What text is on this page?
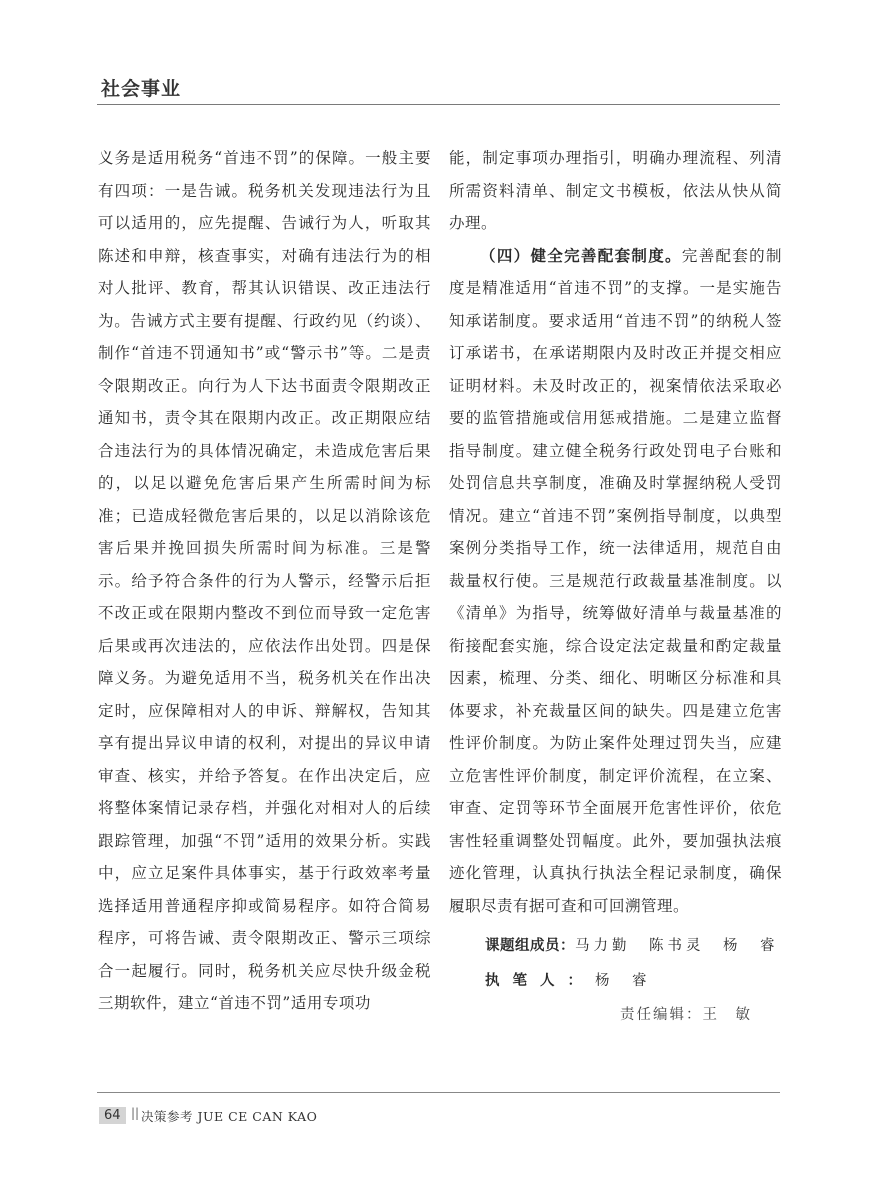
社会事业

义务是适用税务“首违不罚”的保障。一般主要有四项：一是告诫。税务机关发现违法行为且可以适用的，应先提醒、告诫行为人，听取其陈述和申辩，核查事实，对确有违法行为的相对人批评、教育，帮其认识错误、改正违法行为。告诫方式主要有提醒、行政约见（约谈）、制作“首违不罚通知书”或“警示书”等。二是责令限期改正。向行为人下达书面责令限期改正通知书，责令其在限期内改正。改正期限应结合违法行为的具体情况确定，未造成危害后果的，以足以避免危害后果产生所需时间为标准；已造成轻微危害后果的，以足以消除该危害后果并挽回损失所需时间为标准。三是警示。给予符合条件的行为人警示，经警示后拒不改正或在限期内整改不到位而导致一定危害后果或再次违法的，应依法作出处罚。四是保障义务。为避免适用不当，税务机关在作出决定时，应保障相对人的申诉、辩解权，告知其享有提出异议申请的权利，对提出的异议申请审查、核实，并给予答复。在作出决定后，应将整体案情记录存档，并强化对相对人的后续跟踪管理，加强“不罚”适用的效果分析。实践中，应立足案件具体事实，基于行政效率考量选择适用普通程序抑或简易程序。如符合简易程序，可将告诫、责令限期改正、警示三项综合一起履行。同时，税务机关应尽快升级金税三期软件，建立“首违不罚”适用专项功

能，制定事项办理指引，明确办理流程、列清所需资料清单、制定文书模板，依法从快从简办理。

（四）健全完善配套制度。完善配套的制度是精准适用“首违不罚”的支撑。一是实施告知承诺制度。要求适用“首违不罚”的纳税人签订承诺书，在承诺期限内及时改正并提交相应证明材料。未及时改正的，视案情依法采取必要的监管措施或信用惩戒措施。二是建立监督指导制度。建立健全税务行政处罚电子台账和处罚信息共享制度，准确及时掌握纳税人受罚情况。建立“首违不罚”案例指导制度，以典型案例分类指导工作，统一法律适用，规范自由裁量权行使。三是规范行政裁量基准制度。以《清单》为指导，统筹做好清单与裁量基准的衔接配套实施，综合设定法定裁量和酌定裁量因素，梳理、分类、细化、明晰区分标准和具体要求，补充裁量区间的缺失。四是建立危害性评价制度。为防止案件处理过罚失当，应建立危害性评价制度，制定评价流程，在立案、审查、定罚等环节全面展开危害性评价，依危害性轻重调整处罚幅度。此外，要加强执法痕迹化管理，认真执行执法全程记录制度，确保履职尽责有据可查和可回溯管理。

课题组成员：马力勤　陈书灵　杨　睿
执笔人：杨　睿
责任编辑：王　敏
64 || 决策参考 JUE CE CAN KAO
